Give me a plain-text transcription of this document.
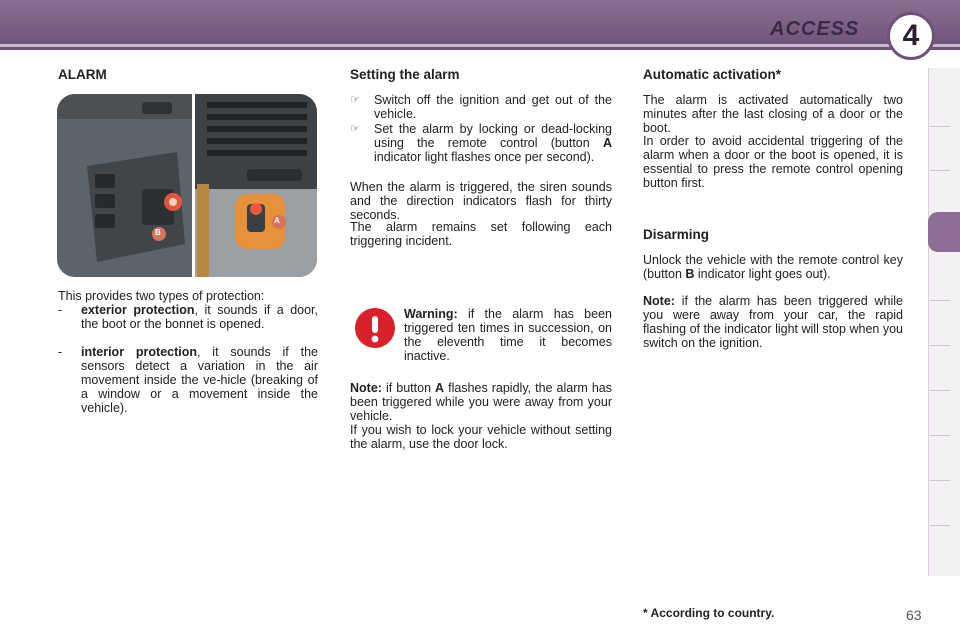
ACCESS	4
ALARM
A
B

This provides two types of protection:

- exterior protection, it sounds if a door, the boot or the bonnet is opened.
- interior protection, it sounds if the sensors detect a variation in the air movement inside the ve-hicle (breaking of a window or a movement inside the vehicle).
Setting the alarm
☞ Switch off the ignition and get out of the vehicle.
☞ Set the alarm by locking or dead-locking using the remote control (button A indicator light flashes once per second).

When the alarm is triggered, the siren sounds and the direction indicators flash for thirty seconds.

The alarm remains set following each triggering incident.

Warning: if the alarm has been triggered ten times in succession, on the eleventh time it becomes inactive.

Note: if button A flashes rapidly, the alarm has been triggered while you were away from your vehicle.

If you wish to lock your vehicle without setting the alarm, use the door lock.

Automatic activation*

The alarm is activated automatically two minutes after the last closing of a door or the boot.

In order to avoid accidental triggering of the alarm when a door or the boot is opened, it is essential to press the remote control opening button first.

Disarming

Unlock the vehicle with the remote control key (button B indicator light goes out).

Note: if the alarm has been triggered while you were away from your car, the rapid flashing of the indicator light will stop when you switch on the ignition.

* According to country.	63
